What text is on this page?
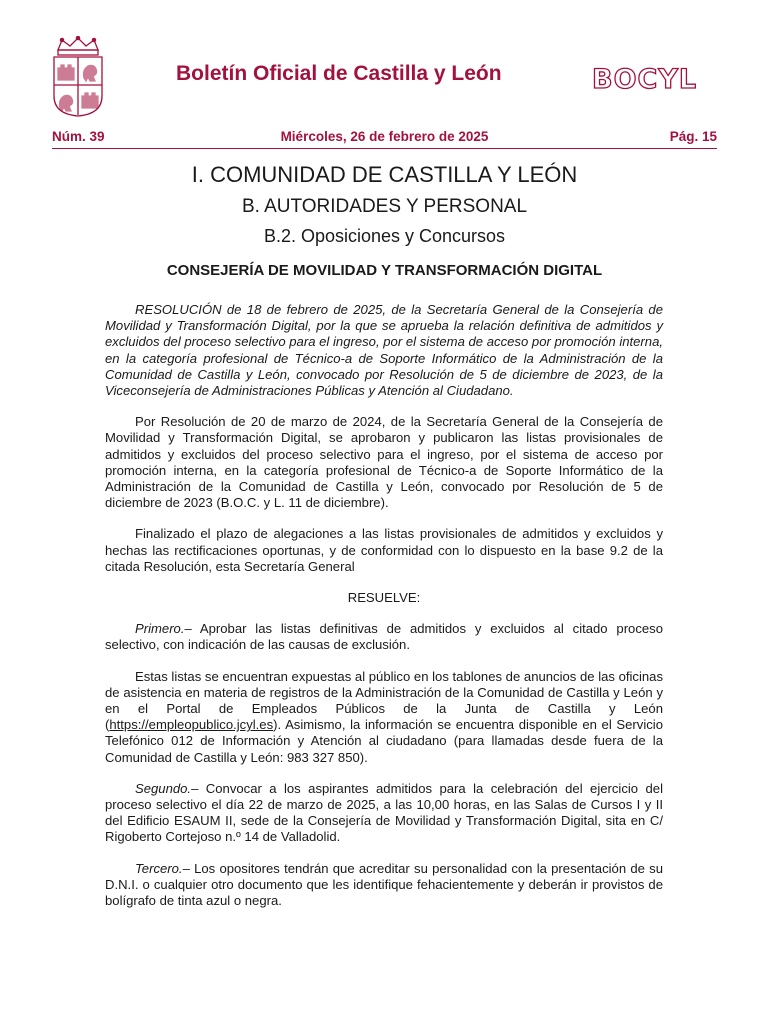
Boletín Oficial de Castilla y León	BOCYL
Núm. 39	Miércoles, 26 de febrero de 2025	Pág. 15
I. COMUNIDAD DE CASTILLA Y LEÓN
B. AUTORIDADES Y PERSONAL
B.2. Oposiciones y Concursos
CONSEJERÍA DE MOVILIDAD Y TRANSFORMACIÓN DIGITAL

RESOLUCIÓN de 18 de febrero de 2025, de la Secretaría General de la Consejería de Movilidad y Transformación Digital, por la que se aprueba la relación definitiva de admitidos y excluidos del proceso selectivo para el ingreso, por el sistema de acceso por promoción interna, en la categoría profesional de Técnico-a de Soporte Informático de la Administración de la Comunidad de Castilla y León, convocado por Resolución de 5 de diciembre de 2023, de la Viceconsejería de Administraciones Públicas y Atención al Ciudadano.

Por Resolución de 20 de marzo de 2024, de la Secretaría General de la Consejería de Movilidad y Transformación Digital, se aprobaron y publicaron las listas provisionales de admitidos y excluidos del proceso selectivo para el ingreso, por el sistema de acceso por promoción interna, en la categoría profesional de Técnico-a de Soporte Informático de la Administración de la Comunidad de Castilla y León, convocado por Resolución de 5 de diciembre de 2023 (B.O.C. y L. 11 de diciembre).

Finalizado el plazo de alegaciones a las listas provisionales de admitidos y excluidos y hechas las rectificaciones oportunas, y de conformidad con lo dispuesto en la base 9.2 de la citada Resolución, esta Secretaría General

RESUELVE:

Primero.– Aprobar las listas definitivas de admitidos y excluidos al citado proceso selectivo, con indicación de las causas de exclusión.

Estas listas se encuentran expuestas al público en los tablones de anuncios de las oficinas de asistencia en materia de registros de la Administración de la Comunidad de Castilla y León y en el Portal de Empleados Públicos de la Junta de Castilla y León (https://empleopublico.jcyl.es). Asimismo, la información se encuentra disponible en el Servicio Telefónico 012 de Información y Atención al ciudadano (para llamadas desde fuera de la Comunidad de Castilla y León: 983 327 850).

Segundo.– Convocar a los aspirantes admitidos para la celebración del ejercicio del proceso selectivo el día 22 de marzo de 2025, a las 10,00 horas, en las Salas de Cursos I y II del Edificio ESAUM II, sede de la Consejería de Movilidad y Transformación Digital, sita en C/ Rigoberto Cortejoso n.º 14 de Valladolid.

Tercero.– Los opositores tendrán que acreditar su personalidad con la presentación de su D.N.I. o cualquier otro documento que les identifique fehacientemente y deberán ir provistos de bolígrafo de tinta azul o negra.
